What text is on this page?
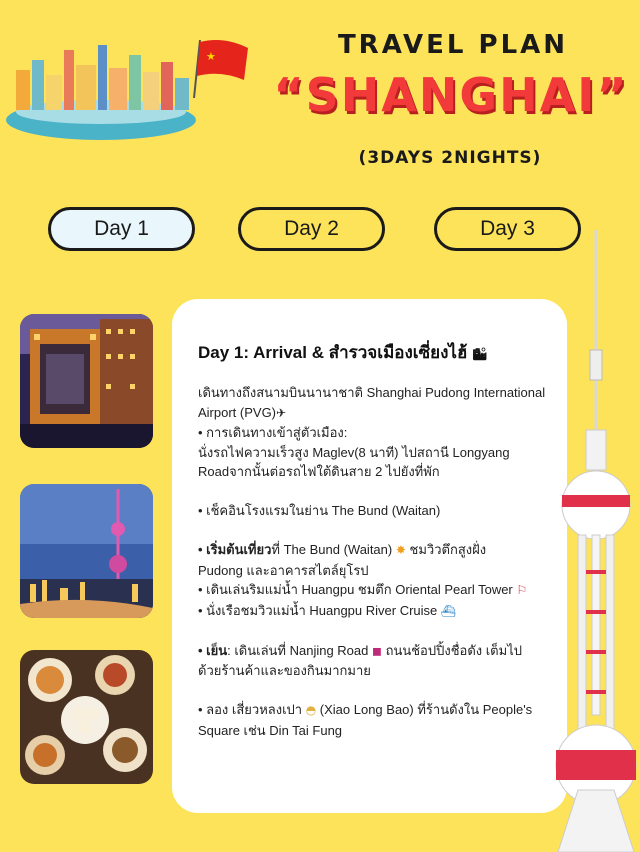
★	TRAVEL PLAN
“SHANGHAI”
(3DAYS 2NIGHTS)
Day 1	Day 2	Day 3
Day 1: Arrival & สำรวจเมืองเซี่ยงไฮ้ 🏙

เดินทางถึงสนามบินนานาชาติ Shanghai Pudong International

Airport (PVG)✈

• การเดินทางเข้าสู่ตัวเมือง:

นั่งรถไฟความเร็วสูง Maglev(8 นาที) ไปสถานี Longyang

Roadจากนั้นต่อรถไฟใต้ดินสาย 2 ไปยังที่พัก

• เช็คอินโรงแรมในย่าน The Bund (Waitan)

• เริ่มต้นเที่ยวที่ The Bund (Waitan) ✸ ชมวิวตึกสูงฝั่ง

Pudong และอาคารสไตล์ยุโรป

• เดินเล่นริมแม่น้ำ Huangpu ชมตึก Oriental Pearl Tower ⚐

• นั่งเรือชมวิวแม่น้ำ Huangpu River Cruise ⛴

• เย็น: เดินเล่นที่ Nanjing Road ◼ ถนนช้อปปิ้งชื่อดัง เต็มไป

ด้วยร้านค้าและของกินมากมาย

• ลอง เสี่ยวหลงเปา ◓ (Xiao Long Bao) ที่ร้านดังใน People's

Square เช่น Din Tai Fung
